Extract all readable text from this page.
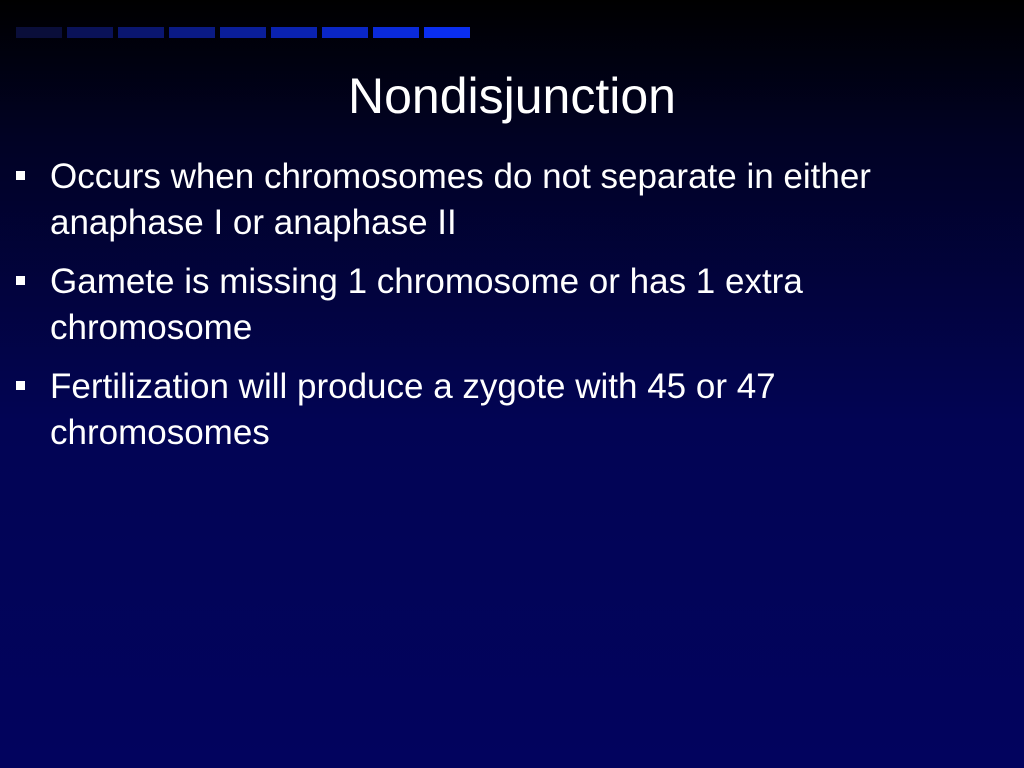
Nondisjunction
Occurs when chromosomes do not separate in either anaphase I or anaphase II
Gamete is missing 1 chromosome or has 1 extra chromosome
Fertilization will produce a zygote with 45 or 47 chromosomes
